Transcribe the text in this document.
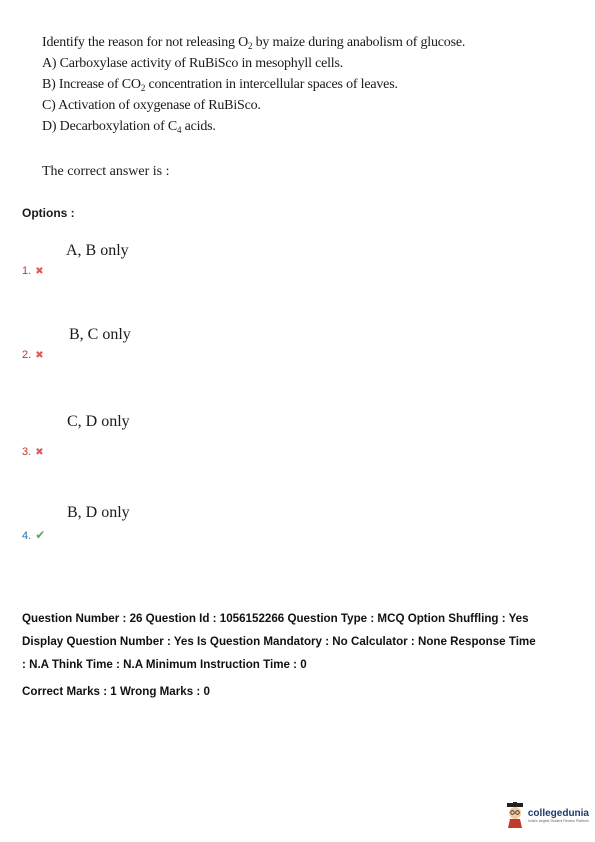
Identify the reason for not releasing $O_2$ by maize during anabolism of glucose.
A) Carboxylase activity of RuBiSco in mesophyll cells.
B) Increase of $CO_2$ concentration in intercellular spaces of leaves.
C) Activation of oxygenase of RuBiSco.
D) Decarboxylation of $C_4$ acids.
The correct answer is :
Options :
A, B only
1. ✖
B, C only
2. ✖
C, D only
3. ✖
B, D only
4. ✔
Question Number : 26 Question Id : 1056152266 Question Type : MCQ Option Shuffling : Yes
Display Question Number : Yes Is Question Mandatory : No Calculator : None Response Time
: N.A Think Time : N.A Minimum Instruction Time : 0
Correct Marks : 1 Wrong Marks : 0
collegedunia
India's largest Student Review Platform
